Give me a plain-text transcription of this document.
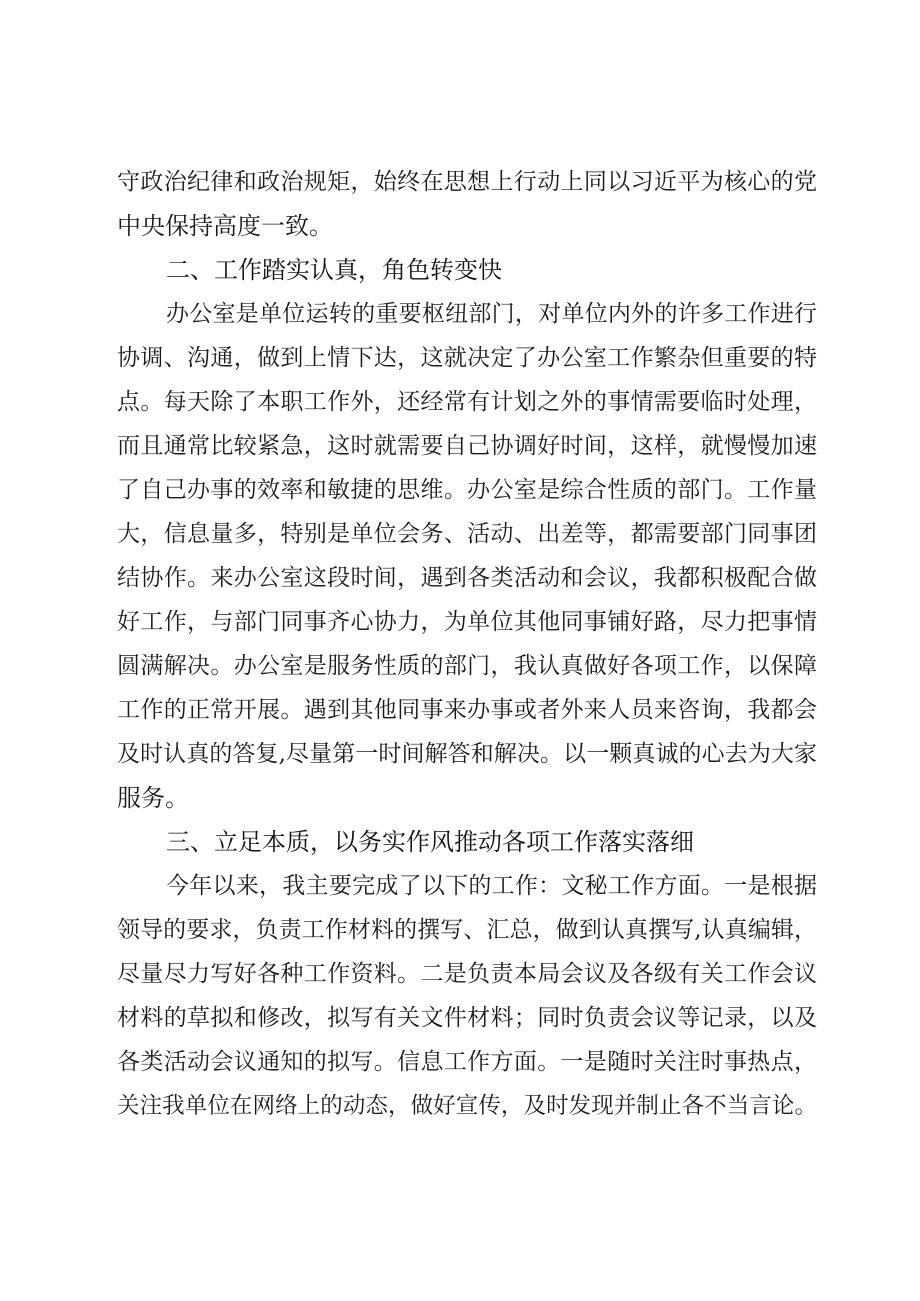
守政治纪律和政治规矩，始终在思想上行动上同以习近平为核心的党
中央保持高度一致。
二、工作踏实认真，角色转变快
办公室是单位运转的重要枢纽部门，对单位内外的许多工作进行
协调、沟通，做到上情下达，这就决定了办公室工作繁杂但重要的特
点。每天除了本职工作外，还经常有计划之外的事情需要临时处理，
而且通常比较紧急，这时就需要自己协调好时间，这样，就慢慢加速
了自己办事的效率和敏捷的思维。办公室是综合性质的部门。工作量
大，信息量多，特别是单位会务、活动、出差等，都需要部门同事团
结协作。来办公室这段时间，遇到各类活动和会议，我都积极配合做
好工作，与部门同事齐心协力，为单位其他同事铺好路，尽力把事情
圆满解决。办公室是服务性质的部门，我认真做好各项工作，以保障
工作的正常开展。遇到其他同事来办事或者外来人员来咨询，我都会
及时认真的答复,尽量第一时间解答和解决。以一颗真诚的心去为大家
服务。
三、立足本质，以务实作风推动各项工作落实落细
今年以来，我主要完成了以下的工作：文秘工作方面。一是根据
领导的要求，负责工作材料的撰写、汇总，做到认真撰写,认真编辑，
尽量尽力写好各种工作资料。二是负责本局会议及各级有关工作会议
材料的草拟和修改，拟写有关文件材料；同时负责会议等记录，以及
各类活动会议通知的拟写。信息工作方面。一是随时关注时事热点，
关注我单位在网络上的动态，做好宣传，及时发现并制止各不当言论。
